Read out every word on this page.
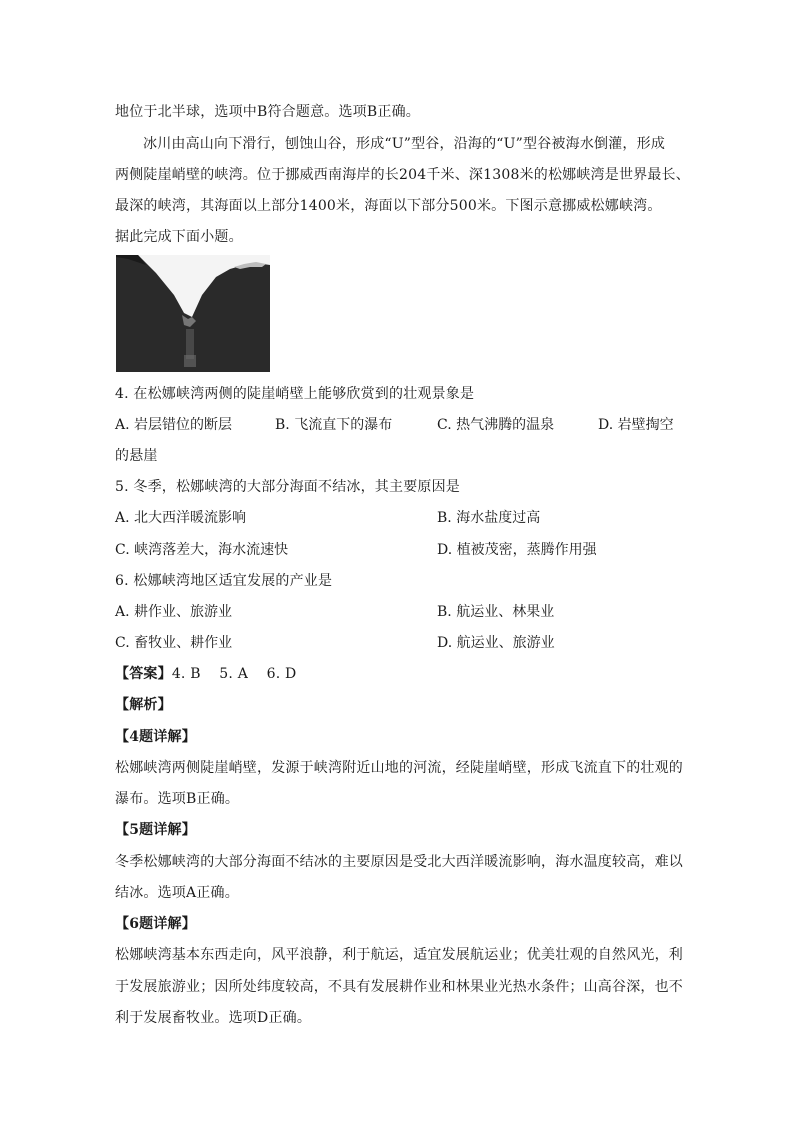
地位于北半球，选项中B符合题意。选项B正确。
冰川由高山向下滑行，刨蚀山谷，形成“U”型谷，沿海的“U”型谷被海水倒灌，形成
两侧陡崖峭壁的峡湾。位于挪威西南海岸的长204千米、深1308米的松娜峡湾是世界最长、
最深的峡湾，其海面以上部分1400米，海面以下部分500米。下图示意挪威松娜峡湾。
据此完成下面小题。
4. 在松娜峡湾两侧的陡崖峭壁上能够欣赏到的壮观景象是
A. 岩层错位的断层	B. 飞流直下的瀑布	C. 热气沸腾的温泉	D. 岩壁掏空
的悬崖
5. 冬季，松娜峡湾的大部分海面不结冰，其主要原因是
A. 北大西洋暖流影响	B. 海水盐度过高
C. 峡湾落差大，海水流速快	D. 植被茂密，蒸腾作用强
6. 松娜峡湾地区适宜发展的产业是
A. 耕作业、旅游业	B. 航运业、林果业
C. 畜牧业、耕作业	D. 航运业、旅游业
【答案】4. B    5. A    6. D
【解析】
【4题详解】
松娜峡湾两侧陡崖峭壁，发源于峡湾附近山地的河流，经陡崖峭壁，形成飞流直下的壮观的
瀑布。选项B正确。
【5题详解】
冬季松娜峡湾的大部分海面不结冰的主要原因是受北大西洋暖流影响，海水温度较高，难以
结冰。选项A正确。
【6题详解】
松娜峡湾基本东西走向，风平浪静，利于航运，适宜发展航运业；优美壮观的自然风光，利
于发展旅游业；因所处纬度较高，不具有发展耕作业和林果业光热水条件；山高谷深，也不
利于发展畜牧业。选项D正确。
